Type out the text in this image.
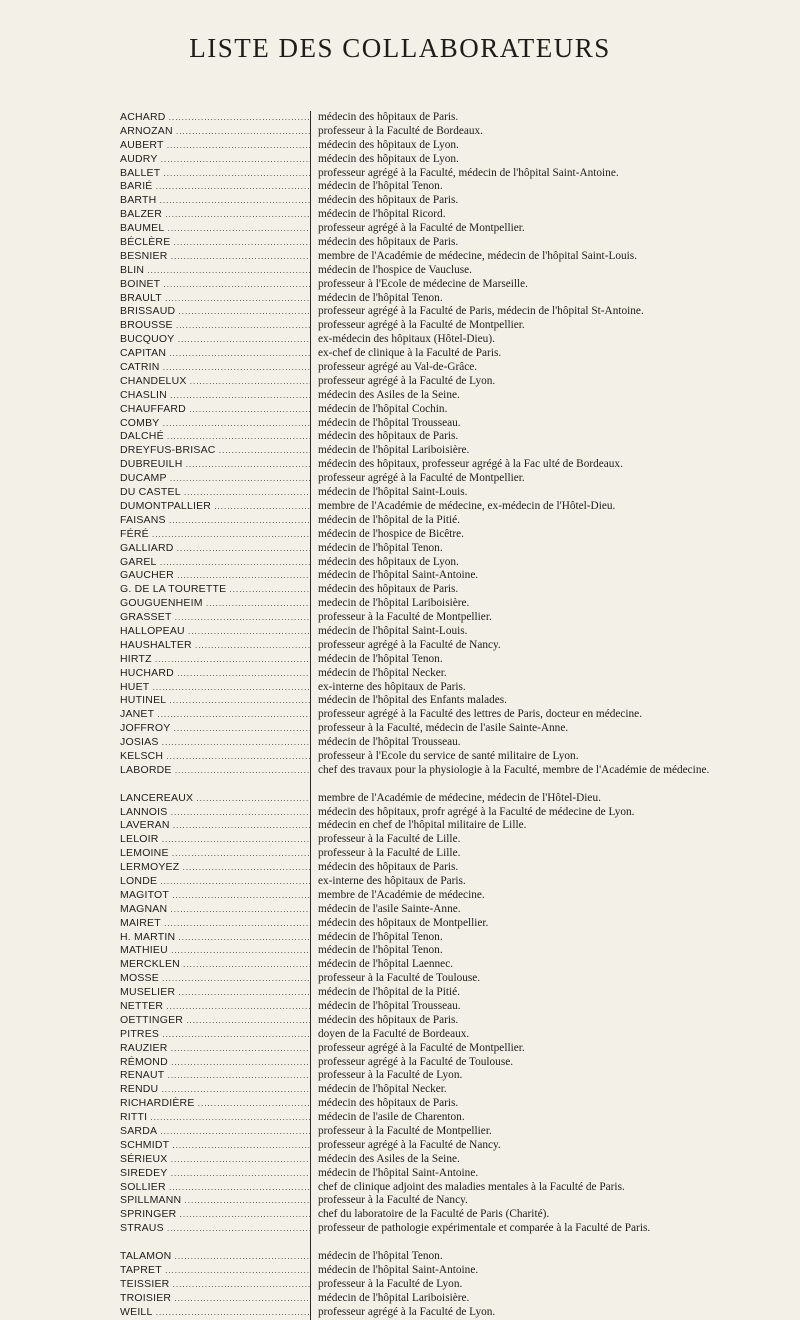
LISTE DES COLLABORATEURS
ACHARD .....	médecin des hôpitaux de Paris.
ARNOZAN .....	professeur à la Faculté de Bordeaux.
AUBERT .....	médecin des hôpitaux de Lyon.
AUDRY .....	médecin des hôpitaux de Lyon.
BALLET .....	professeur agrégé à la Faculté, médecin de l'hôpital Saint-Antoine.
BARIÉ .....	médecin de l'hôpital Tenon.
BARTH .....	médecin des hôpitaux de Paris.
BALZER .....	médecin de l'hôpital Ricord.
BAUMEL .....	professeur agrégé à la Faculté de Montpellier.
BÉCLÈRE .....	médecin des hôpitaux de Paris.
BESNIER .....	membre de l'Académie de médecine, médecin de l'hôpital Saint-Louis.
BLIN .....	médecin de l'hospice de Vaucluse.
BOINET .....	professeur à l'Ecole de médecine de Marseille.
BRAULT .....	médecin de l'hôpital Tenon.
BRISSAUD .....	professeur agrégé à la Faculté de Paris, médecin de l'hôpital St-Antoine.
BROUSSE .....	professeur agrégé à la Faculté de Montpellier.
BUCQUOY .....	ex-médecin des hôpitaux (Hôtel-Dieu).
CAPITAN .....	ex-chef de clinique à la Faculté de Paris.
CATRIN .....	professeur agrégé au Val-de-Grâce.
CHANDELUX .....	professeur agrégé à la Faculté de Lyon.
CHASLIN .....	médecin des Asiles de la Seine.
CHAUFFARD .....	médecin de l'hôpital Cochin.
COMBY .....	médecin de l'hôpital Trousseau.
DALCHÉ .....	médecin des hôpitaux de Paris.
DREYFUS-BRISAC .....	médecin de l'hôpital Lariboisière.
DUBREUILH .....	médecin des hôpitaux, professeur agrégé à la Fac ulté de Bordeaux.
DUCAMP .....	professeur agrégé à la Faculté de Montpellier.
DU CASTEL .....	médecin de l'hôpital Saint-Louis.
DUMONTPALLIER .....	membre de l'Académie de médecine, ex-médecin de l'Hôtel-Dieu.
FAISANS .....	médecin de l'hôpital de la Pitié.
FÉRÉ .....	médecin de l'hospice de Bicêtre.
GALLIARD .....	médecin de l'hôpital Tenon.
GAREL .....	médecin des hôpitaux de Lyon.
GAUCHER .....	médecin de l'hôpital Saint-Antoine.
G. DE LA TOURETTE .....	médecin des hôpitaux de Paris.
GOUGUENHEIM .....	medecin de l'hôpital Lariboisière.
GRASSET .....	professeur à la Faculté de Montpellier.
HALLOPEAU .....	médecin de l'hôpital Saint-Louis.
HAUSHALTER .....	professeur agrégé à la Faculté de Nancy.
HIRTZ .....	médecin de l'hôpital Tenon.
HUCHARD .....	médecin de l'hôpital Necker.
HUET .....	ex-interne des hôpitaux de Paris.
HUTINEL .....	médecin de l'hôpital des Enfants malades.
JANET .....	professeur agrégé à la Faculté des lettres de Paris, docteur en médecine.
JOFFROY .....	professeur à la Faculté, médecin de l'asile Sainte-Anne.
JOSIAS .....	médecin de l'hôpital Trousseau.
KELSCH .....	professeur à l'Ecole du service de santé militaire de Lyon.
LABORDE .....	chef des travaux pour la physiologie à la Faculté, membre de l'Académie de médecine.
LANCEREAUX .....	membre de l'Académie de médecine, médecin de l'Hôtel-Dieu.
LANNOIS .....	médecin des hôpitaux, profr agrégé à la Faculté de médecine de Lyon.
LAVERAN .....	médecin en chef de l'hôpital militaire de Lille.
LELOIR .....	professeur à la Faculté de Lille.
LEMOINE .....	professeur à la Faculté de Lille.
LERMOYEZ .....	médecin des hôpitaux de Paris.
LONDE .....	ex-interne des hôpitaux de Paris.
MAGITOT .....	membre de l'Académie de médecine.
MAGNAN .....	médecin de l'asile Sainte-Anne.
MAIRET .....	médecin des hôpitaux de Montpellier.
H. MARTIN .....	médecin de l'hôpital Tenon.
MATHIEU .....	médecin de l'hôpital Tenon.
MERCKLEN .....	médecin de l'hôpital Laennec.
MOSSE .....	professeur à la Faculté de Toulouse.
MUSELIER .....	médecin de l'hôpital de la Pitié.
NETTER .....	médecin de l'hôpital Trousseau.
OETTINGER .....	médecin des hôpitaux de Paris.
PITRES .....	doyen de la Faculté de Bordeaux.
RAUZIER .....	professeur agrégé à la Faculté de Montpellier.
RÉMOND .....	professeur agrégé à la Faculté de Toulouse.
RENAUT .....	professeur à la Faculté de Lyon.
RENDU .....	médecin de l'hôpital Necker.
RICHARDIÈRE .....	médecin des hôpitaux de Paris.
RITTI .....	médecin de l'asile de Charenton.
SARDA .....	professeur à la Faculté de Montpellier.
SCHMIDT .....	professeur agrégé à la Faculté de Nancy.
SÉRIEUX .....	médecin des Asiles de la Seine.
SIREDEY .....	médecin de l'hôpital Saint-Antoine.
SOLLIER .....	chef de clinique adjoint des maladies mentales à la Faculté de Paris.
SPILLMANN .....	professeur à la Faculté de Nancy.
SPRINGER .....	chef du laboratoire de la Faculté de Paris (Charité).
STRAUS .....	professeur de pathologie expérimentale et comparée à la Faculté de Paris.
TALAMON .....	médecin de l'hôpital Tenon.
TAPRET .....	médecin de l'hôpital Saint-Antoine.
TEISSIER .....	professeur à la Faculté de Lyon.
TROISIER .....	médecin de l'hôpital Lariboisière.
WEILL .....	professeur agrégé à la Faculté de Lyon.
